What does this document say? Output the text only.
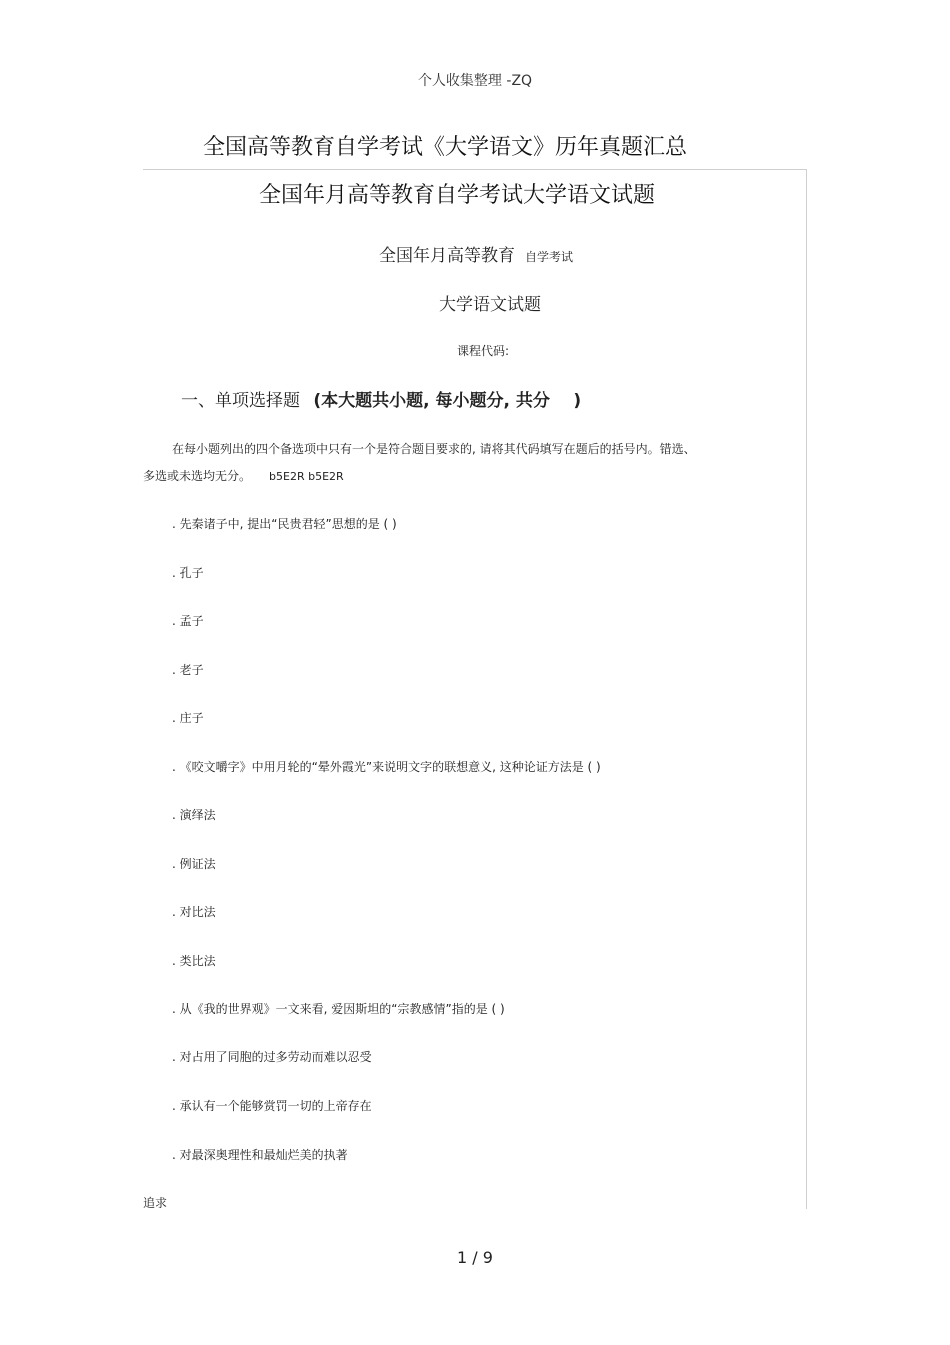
个人收集整理 -ZQ
全国高等教育自学考试《大学语文》历年真题汇总
全国年月高等教育自学考试大学语文试题
全国年月高等教育 自学考试
大学语文试题
课程代码:
一、单项选择题 (本大题共小题, 每小题分, 共分 )
在每小题列出的四个备选项中只有一个是符合题目要求的, 请将其代码填写在题后的括号内。错选、
多选或未选均无分。 b5E2R b5E2R
. 先秦诸子中, 提出“民贵君轻”思想的是 ( )
. 孔子
. 孟子
. 老子
. 庄子
. 《咬文嚼字》中用月轮的“晕外霞光”来说明文字的联想意义, 这种论证方法是 ( )
. 演绎法
. 例证法
. 对比法
. 类比法
. 从《我的世界观》一文来看, 爱因斯坦的“宗教感情”指的是 ( )
. 对占用了同胞的过多劳动而难以忍受
. 承认有一个能够赏罚一切的上帝存在
. 对最深奥理性和最灿烂美的执著
追求
1 / 9
